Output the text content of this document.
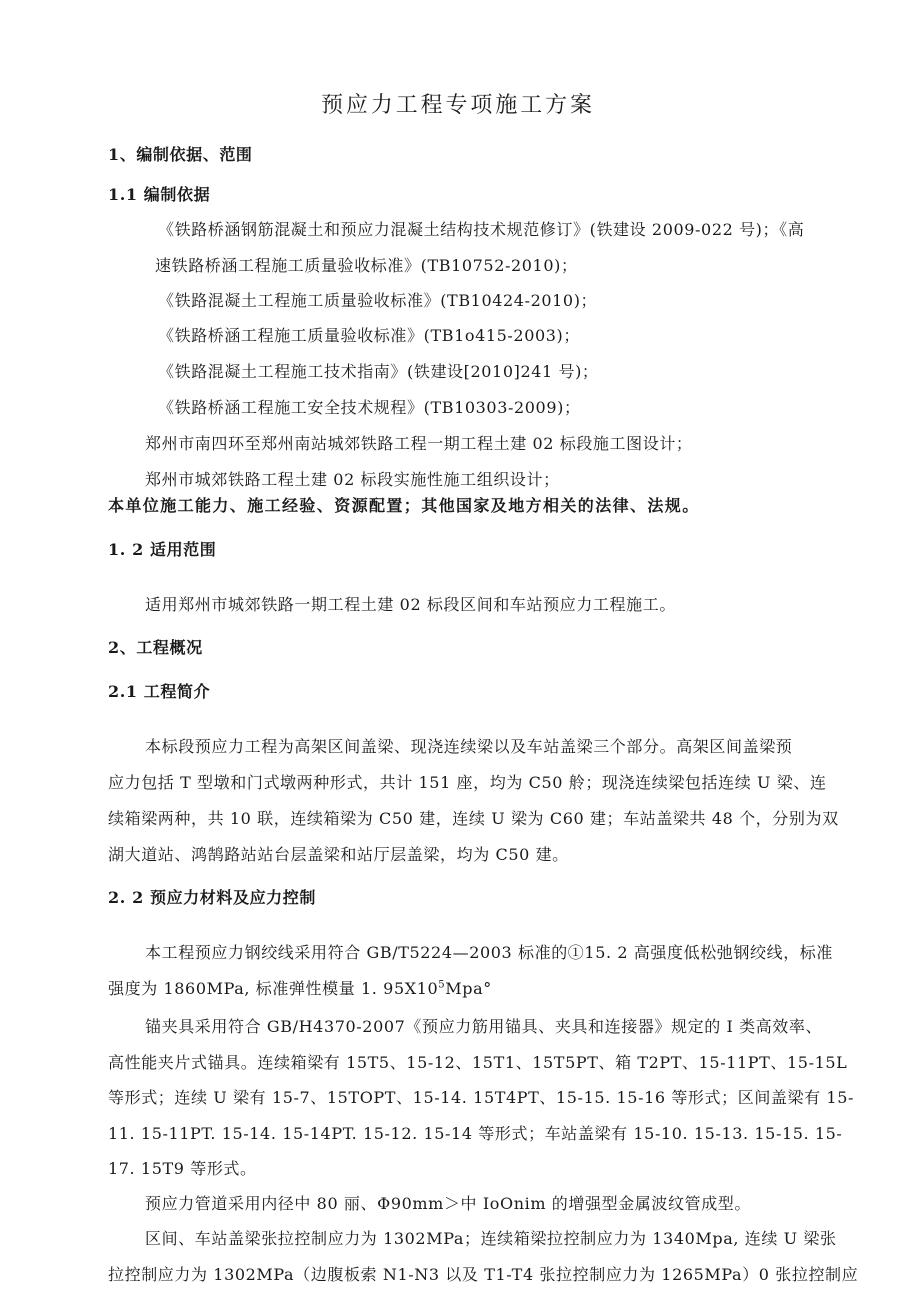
预应力工程专项施工方案
1、编制依据、范围
1.1 编制依据
《铁路桥涵钢筋混凝土和预应力混凝土结构技术规范修订》(铁建设 2009-022 号)；《高
速铁路桥涵工程施工质量验收标准》(TB10752-2010)；
《铁路混凝土工程施工质量验收标准》(TB10424-2010)；
《铁路桥涵工程施工质量验收标准》(TB1o415-2003)；
《铁路混凝土工程施工技术指南》(铁建设[2010]241 号)；
《铁路桥涵工程施工安全技术规程》(TB10303-2009)；
郑州市南四环至郑州南站城郊铁路工程一期工程土建 02 标段施工图设计；
郑州市城郊铁路工程土建 02 标段实施性施工组织设计；
本单位施工能力、施工经验、资源配置；其他国家及地方相关的法律、法规。
1. 2 适用范围
适用郑州市城郊铁路一期工程土建 02 标段区间和车站预应力工程施工。
2、工程概况
2.1 工程简介
本标段预应力工程为高架区间盖梁、现浇连续梁以及车站盖梁三个部分。高架区间盖梁预
应力包括 T 型墩和门式墩两种形式，共计 151 座，均为 C50 舲；现浇连续梁包括连续 U 梁、连
续箱梁两种，共 10 联，连续箱梁为 C50 建，连续 U 梁为 C60 建；车站盖梁共 48 个，分别为双
湖大道站、鸿鹄路站站台层盖梁和站厅层盖梁，均为 C50 建。
2. 2 预应力材料及应力控制
本工程预应力钢绞线采用符合 GB/T5224—2003 标准的①15. 2 高强度低松弛钢绞线，标准
强度为 1860MPa, 标准弹性模量 1. $95X10^5Mpa^\circ$
锚夹具采用符合 GB/H4370-2007《预应力筋用锚具、夹具和连接器》规定的 I 类高效率、
高性能夹片式锚具。连续箱梁有 15T5、15-12、15T1、15T5PT、箱 T2PT、15-11PT、15-15L
等形式；连续 U 梁有 15-7、15TOPT、15-14. 15T4PT、15-15. 15-16 等形式；区间盖梁有 15-
11. 15-11PT. 15-14. 15-14PT. 15-12. 15-14 等形式；车站盖梁有 15-10. 15-13. 15-15. 15-
17. 15T9 等形式。
预应力管道采用内径中 80 丽、Φ90mm＞中 IoOnim 的增强型金属波纹管成型。
区间、车站盖梁张拉控制应力为 1302MPa；连续箱梁拉控制应力为 1340Mpa, 连续 U 梁张
拉控制应力为 1302MPa（边腹板索 N1-N3 以及 T1-T4 张拉控制应力为 1265MPa）0 张拉控制应
